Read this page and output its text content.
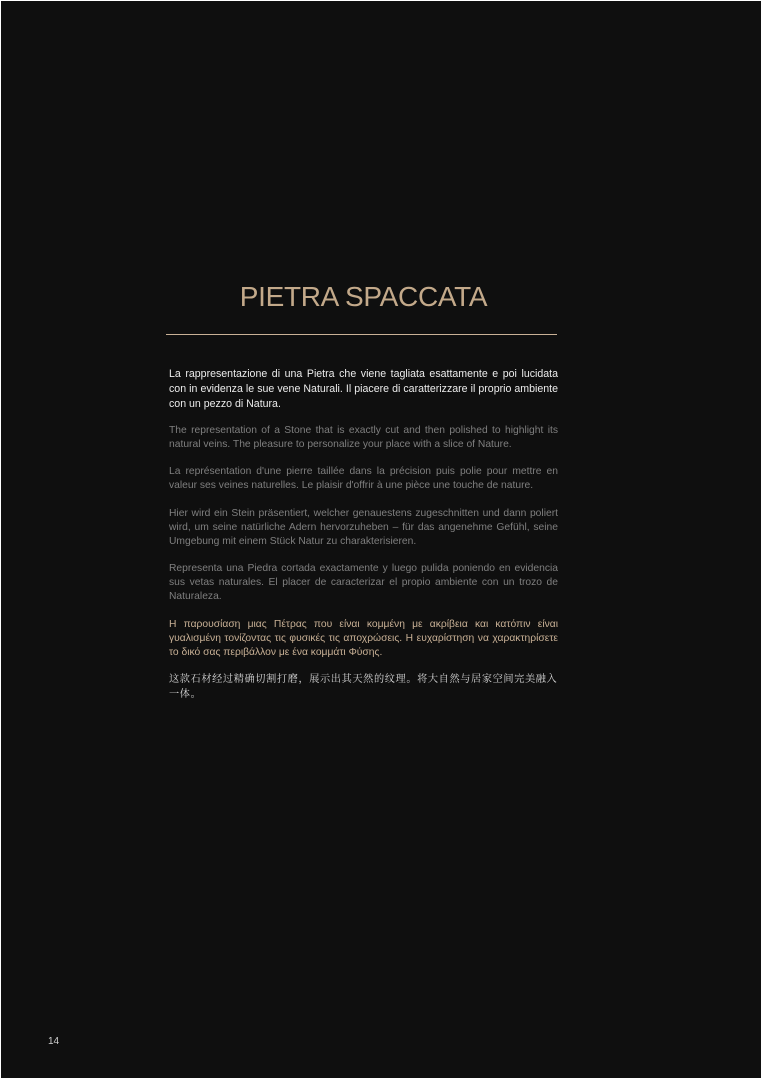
PIETRA SPACCATA

La rappresentazione di una Pietra che viene tagliata esattamente e poi lucidata con in evidenza le sue vene Naturali. Il piacere di caratterizzare il proprio ambiente con un pezzo di Natura.

The representation of a Stone that is exactly cut and then polished to highlight its natural veins. The pleasure to personalize your place with a slice of Nature.

La représentation d'une pierre taillée dans la précision puis polie pour mettre en valeur ses veines naturelles. Le plaisir d'offrir à une pièce une touche de nature.

Hier wird ein Stein präsentiert, welcher genauestens zugeschnitten und dann poliert wird, um seine natürliche Adern hervorzuheben – für das angenehme Gefühl, seine Umgebung mit einem Stück Natur zu charakterisieren.

Representa una Piedra cortada exactamente y luego pulida poniendo en evidencia sus vetas naturales. El placer de caracterizar el propio ambiente con un trozo de Naturaleza.

Η παρουσίαση μιας Πέτρας που είναι κομμένη με ακρίβεια και κατόπιν είναι γυαλισμένη τονίζοντας τις φυσικές τις αποχρώσεις. Η ευχαρίστηση να χαρακτηρίσετε το δικό σας περιβάλλον με ένα κομμάτι Φύσης.

这款石材经过精确切割打磨，展示出其天然的纹理。将大自然与居家空间完美融入一体。

14
